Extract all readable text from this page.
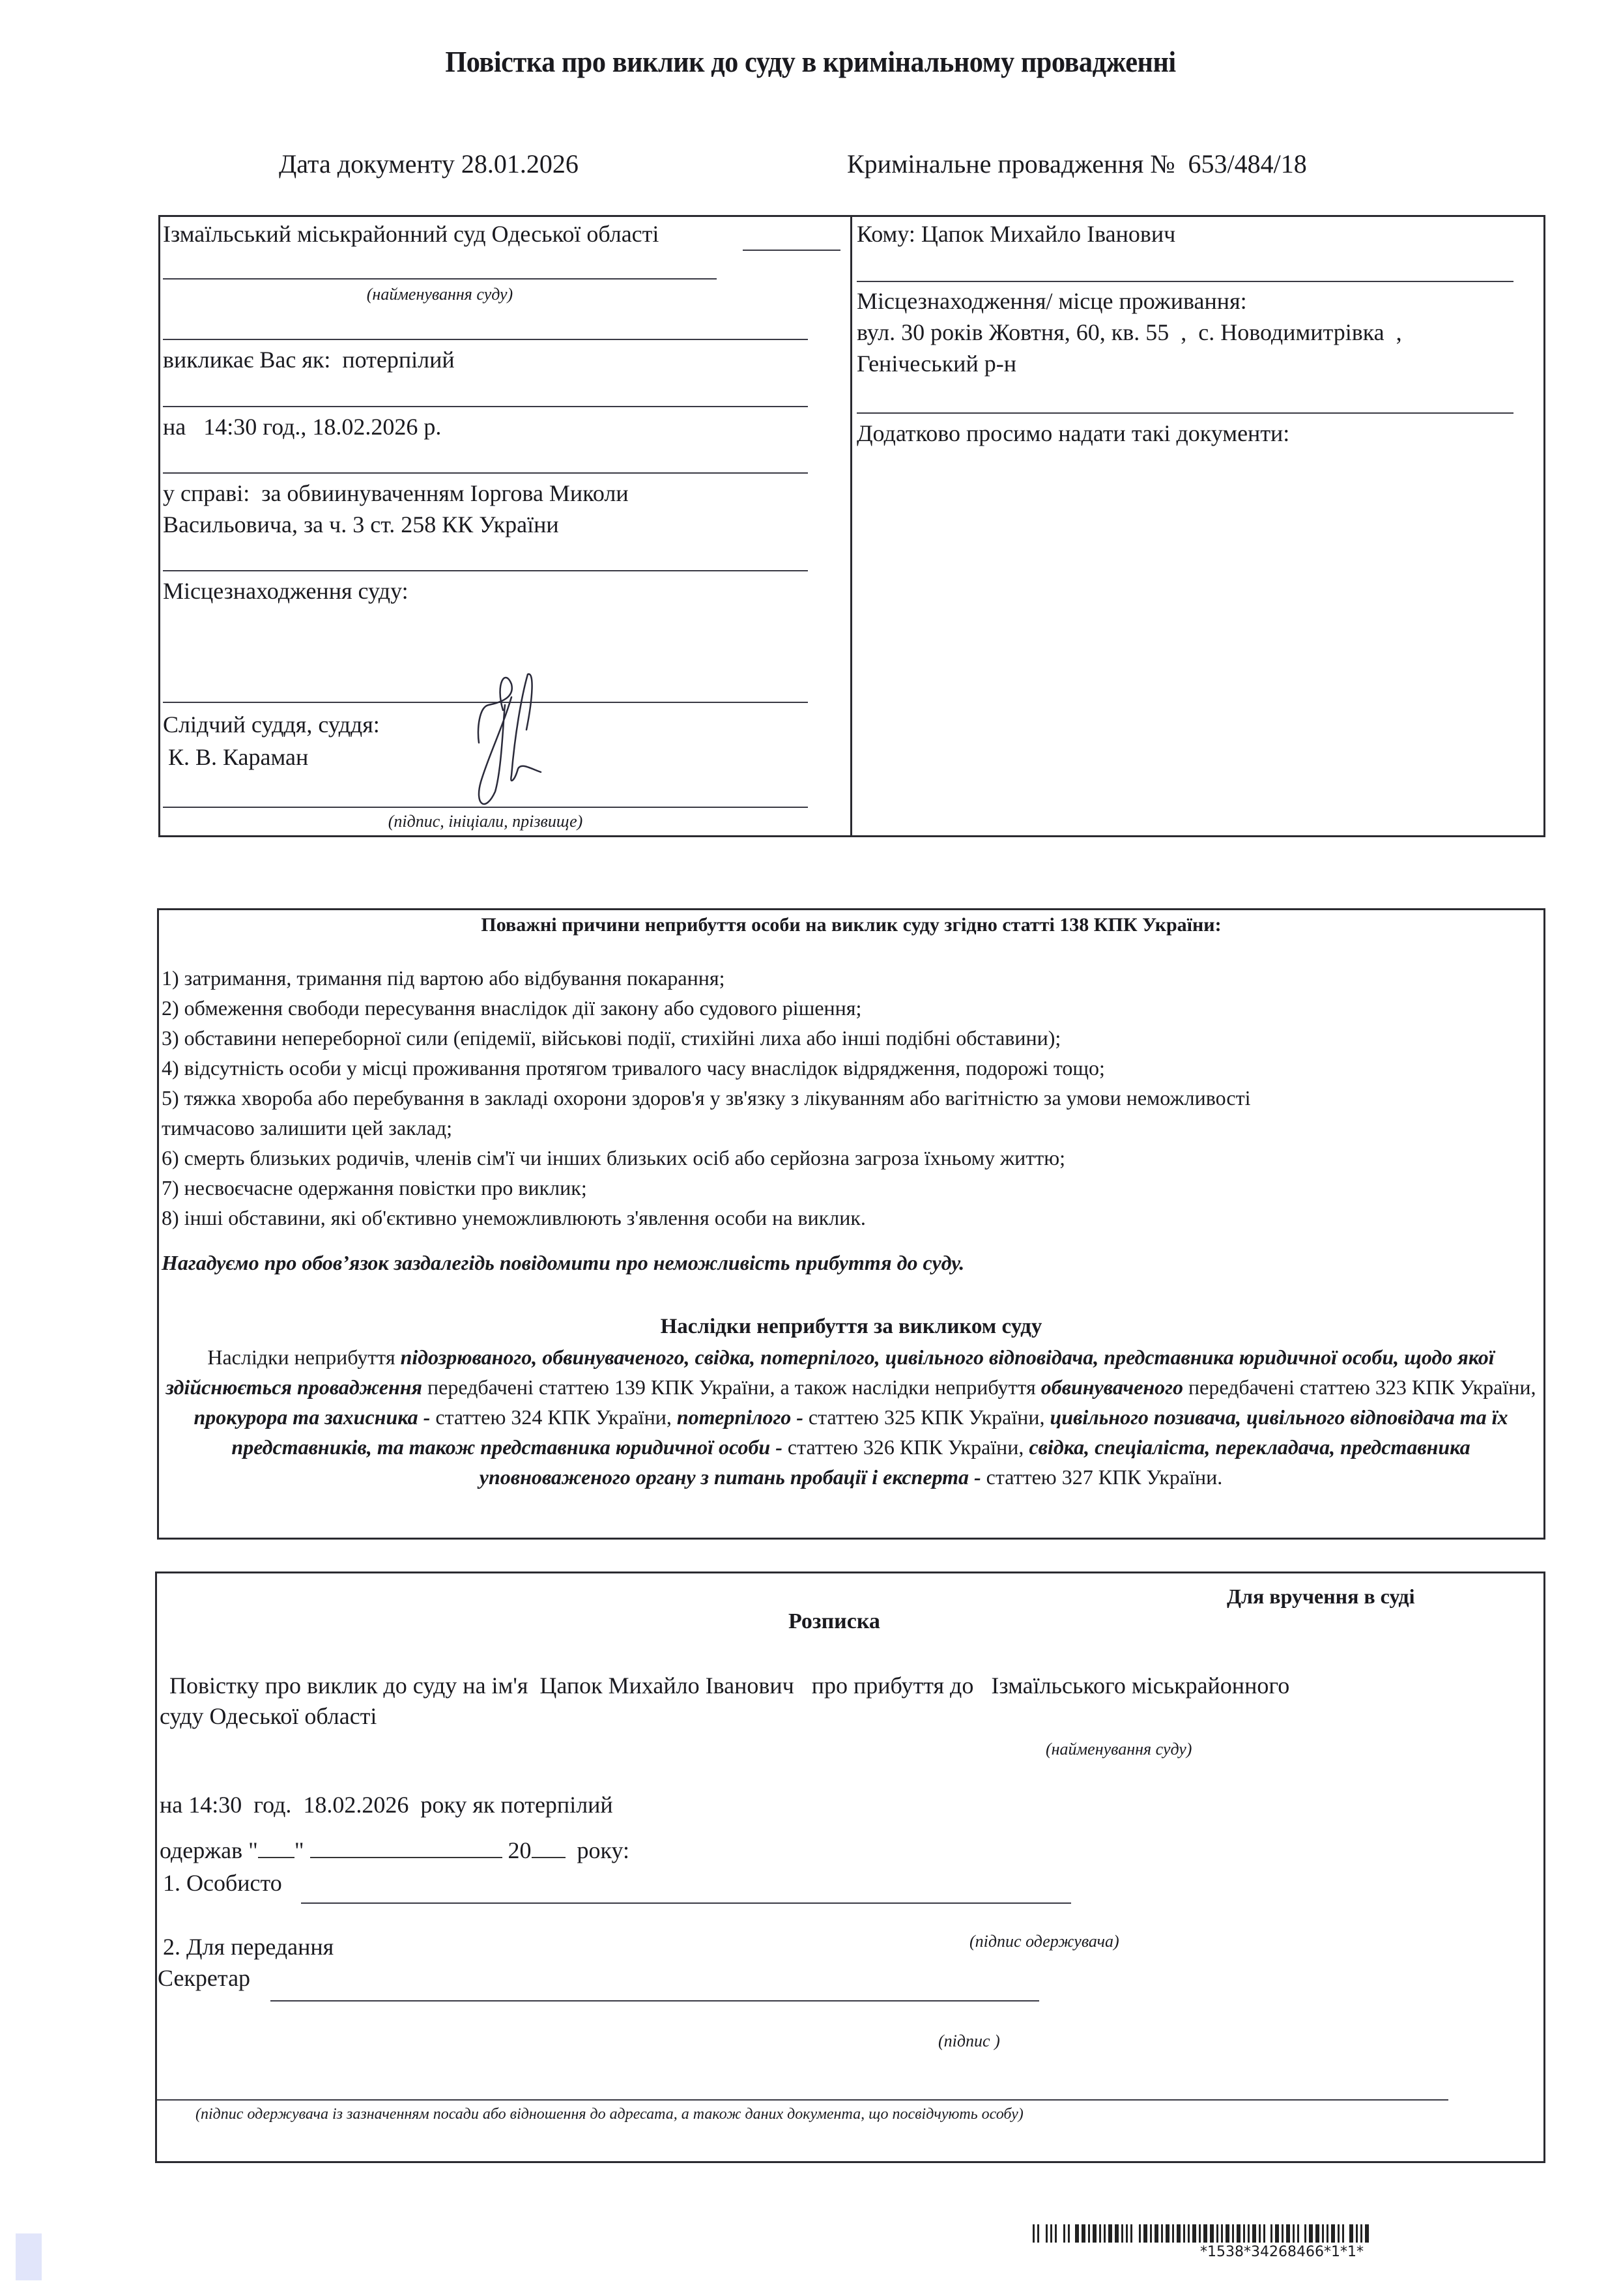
Повістка про виклик до суду в кримінальному провадженні
Дата документу 28.01.2026	Кримінальне провадження № 653/484/18
Ізмаїльський міськрайонний суд Одеської області
(найменування суду)
викликає Вас як: потерпілий
на 14:30 год., 18.02.2026 р.
у справі: за обвиинуваченням Іоргова Миколи
Васильовича, за ч. 3 ст. 258 КК України
Місцезнаходження суду:
Слідчий суддя, суддя:
К. В. Караман
(підпис, ініціали, прізвище)
Кому: Цапок Михайло Іванович
Місцезнаходження/ місце проживання:
вул. 30 років Жовтня, 60, кв. 55  ,  с. Новодимитрівка  ,
Генічеський р-н
Додатково просимо надати такі документи:
Поважні причини неприбуття особи на виклик суду згідно статті 138 КПК України:
1) затримання, тримання під вартою або відбування покарання;
2) обмеження свободи пересування внаслідок дії закону або судового рішення;
3) обставини непереборної сили (епідемії, військові події, стихійні лиха або інші подібні обставини);
4) відсутність особи у місці проживання протягом тривалого часу внаслідок відрядження, подорожі тощо;
5) тяжка хвороба або перебування в закладі охорони здоров'я у зв'язку з лікуванням або вагітністю за умови неможливості
тимчасово залишити цей заклад;
6) смерть близьких родичів, членів сім'ї чи інших близьких осіб або серйозна загроза їхньому життю;
7) несвоєчасне одержання повістки про виклик;
8) інші обставини, які об'єктивно унеможливлюють з'явлення особи на виклик.
Нагадуємо про обов’язок заздалегідь повідомити про неможливість прибуття до суду.
Наслідки неприбуття за викликом суду
Наслідки неприбуття підозрюваного, обвинуваченого, свідка, потерпілого, цивільного відповідача, представника юридичної особи, щодо якої здійснюється провадження передбачені статтею 139 КПК України, а також наслідки неприбуття обвинуваченого передбачені статтею 323 КПК України, прокурора та захисника - статтею 324 КПК України, потерпілого - статтею 325 КПК України, цивільного позивача, цивільного відповідача та їх представників, та також представника юридичної особи - статтею 326 КПК України, свідка, спеціаліста, перекладача, представника уповноваженого органу з питань пробації і експерта - статтею 327 КПК України.
Для вручення в суді
Розписка
Повістку про виклик до суду на ім'я  Цапок Михайло Іванович   про прибуття до   Ізмаїльського міськрайонного
суду Одеської області
(найменування суду)
на 14:30  год.  18.02.2026  року як потерпілий
одержав " "	20 року:
1. Особисто
(підпис одержувача)
2. Для передання
Секретар
(підпис )
(підпис одержувача із зазначенням посади або відношення до адресата, а також даних документа, що посвідчують особу)
*1538*34268466*1*1*
